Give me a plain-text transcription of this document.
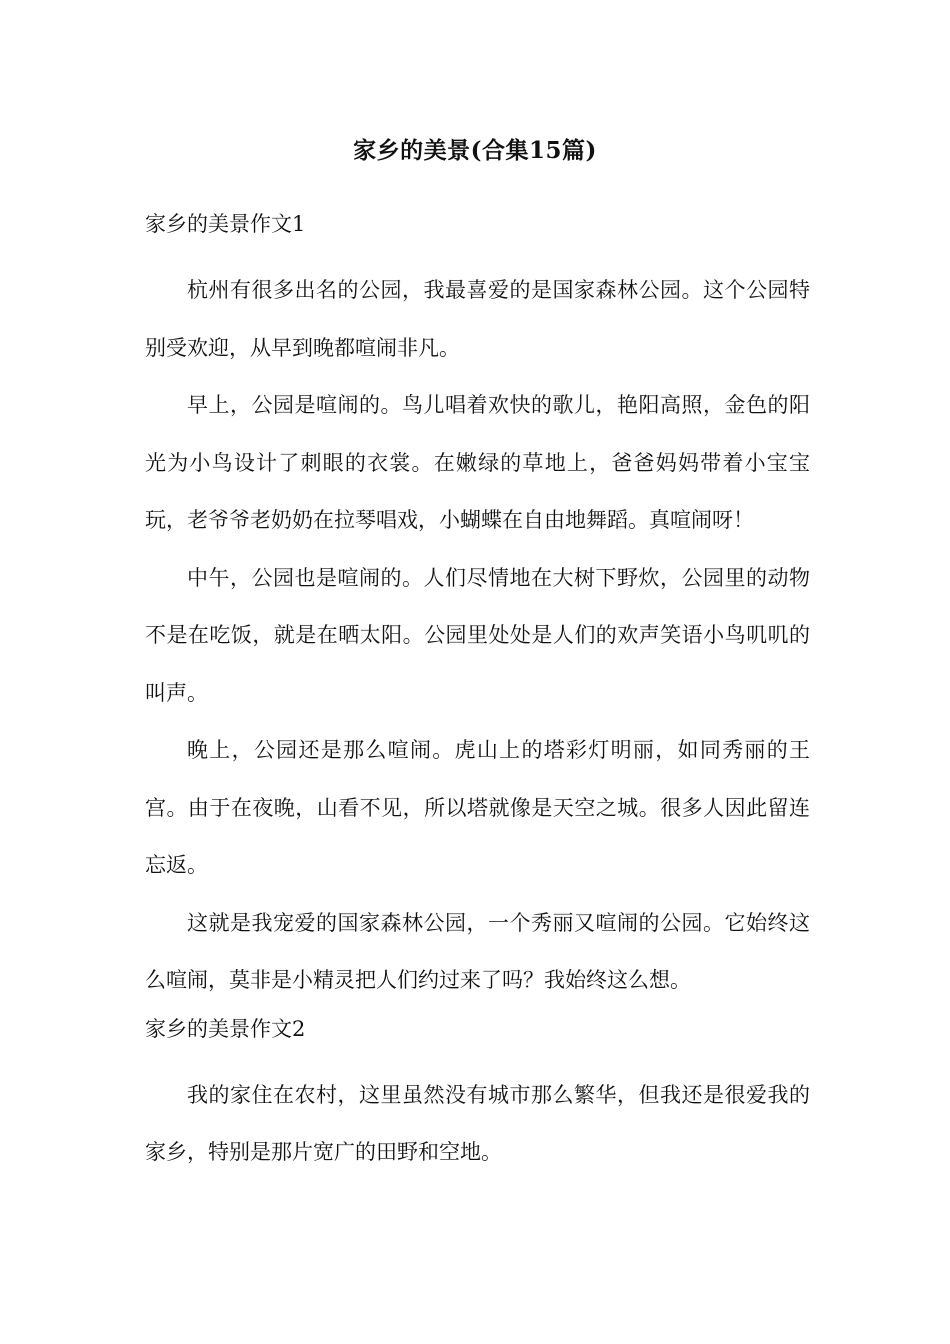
家乡的美景(合集15篇)
家乡的美景作文1

杭州有很多出名的公园，我最喜爱的是国家森林公园。这个公园特别受欢迎，从早到晚都喧闹非凡。

早上，公园是喧闹的。鸟儿唱着欢快的歌儿，艳阳高照，金色的阳光为小鸟设计了刺眼的衣裳。在嫩绿的草地上，爸爸妈妈带着小宝宝玩，老爷爷老奶奶在拉琴唱戏，小蝴蝶在自由地舞蹈。真喧闹呀！

中午，公园也是喧闹的。人们尽情地在大树下野炊，公园里的动物不是在吃饭，就是在晒太阳。公园里处处是人们的欢声笑语小鸟叽叽的叫声。

晚上，公园还是那么喧闹。虎山上的塔彩灯明丽，如同秀丽的王宫。由于在夜晚，山看不见，所以塔就像是天空之城。很多人因此留连忘返。

这就是我宠爱的国家森林公园，一个秀丽又喧闹的公园。它始终这么喧闹，莫非是小精灵把人们约过来了吗？我始终这么想。

家乡的美景作文2

我的家住在农村，这里虽然没有城市那么繁华，但我还是很爱我的家乡，特别是那片宽广的田野和空地。
